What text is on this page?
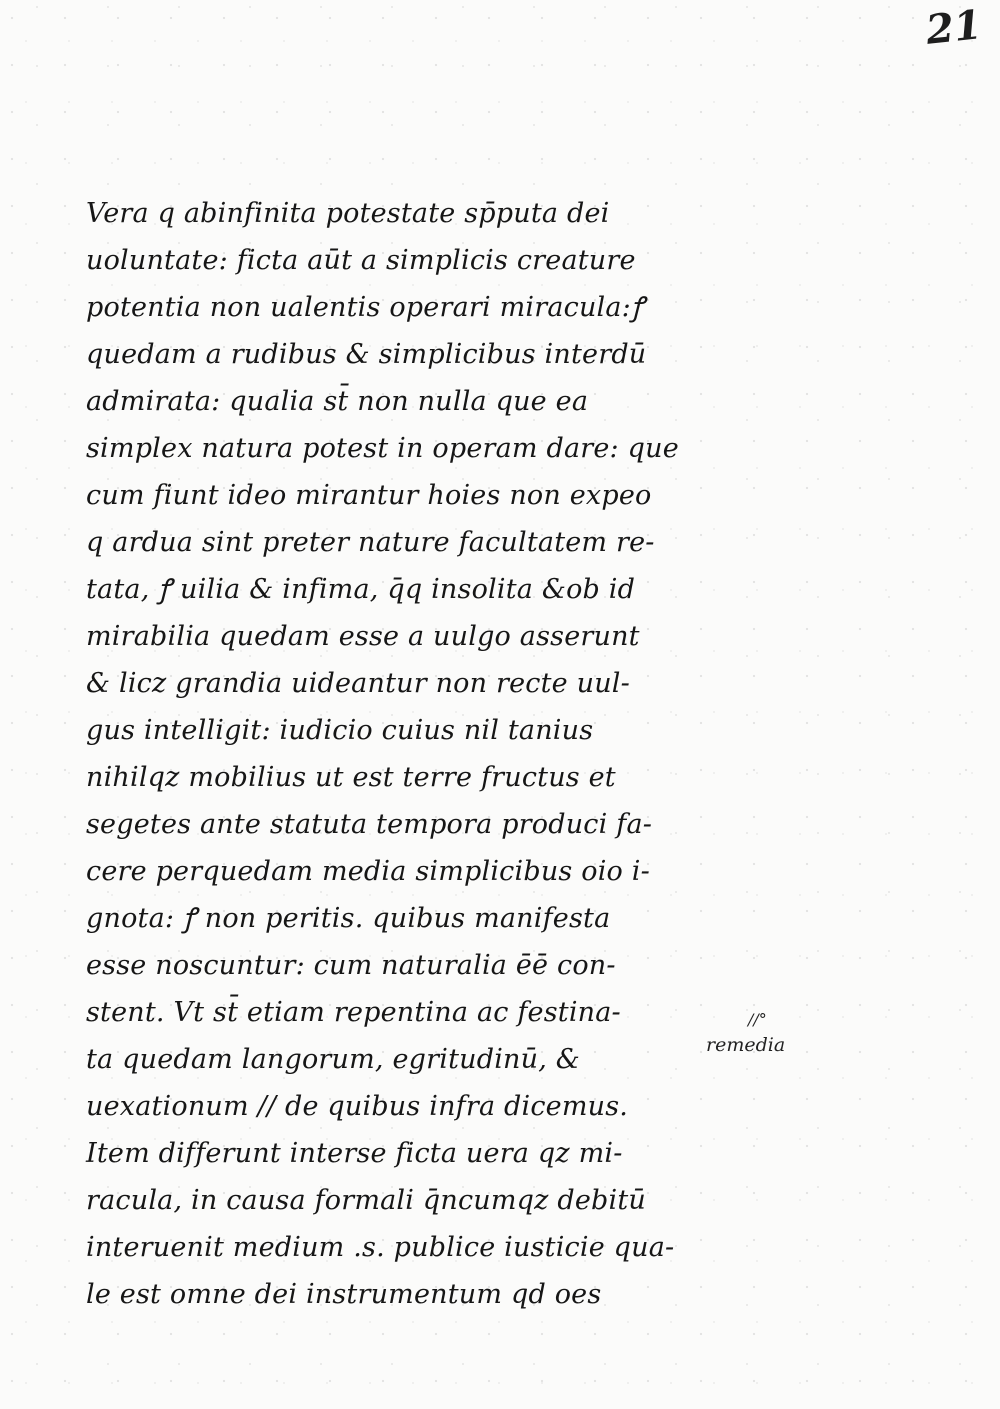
21
Vera q abinfinita potestate sp̄puta dei
uoluntate: ficta aūt a simplicis creature
potentia non ualentis operari miracula:ꝭ
quedam a rudibus & simplicibus interdū
admirata: qualia st̄ non nulla que ea
simplex natura potest in operam dare: que
cum fiunt ideo mirantur hoies non expeo
q ardua sint preter nature facultatem re-
tata, ꝭ uilia & infima, q̄q insolita &ob id
mirabilia quedam esse a uulgo asserunt
& licz grandia uideantur non recte uul-
gus intelligit: iudicio cuius nil tanius
nihilqz mobilius ut est terre fructus et
segetes ante statuta tempora produci fa-
cere perquedam media simplicibus oio i-
gnota: ꝭ non peritis. quibus manifesta
esse noscuntur: cum naturalia ēē con-
stent. Vt st̄ etiam repentina ac festina-
ta quedam langorum, egritudinū, &
uexationum // de quibus infra dicemus.
Item differunt interse ficta uera qz mi-
racula, in causa formali q̄ncumqz debitū
interuenit medium .s. publice iusticie qua-
le est omne dei instrumentum qd oes
//°
remedia
